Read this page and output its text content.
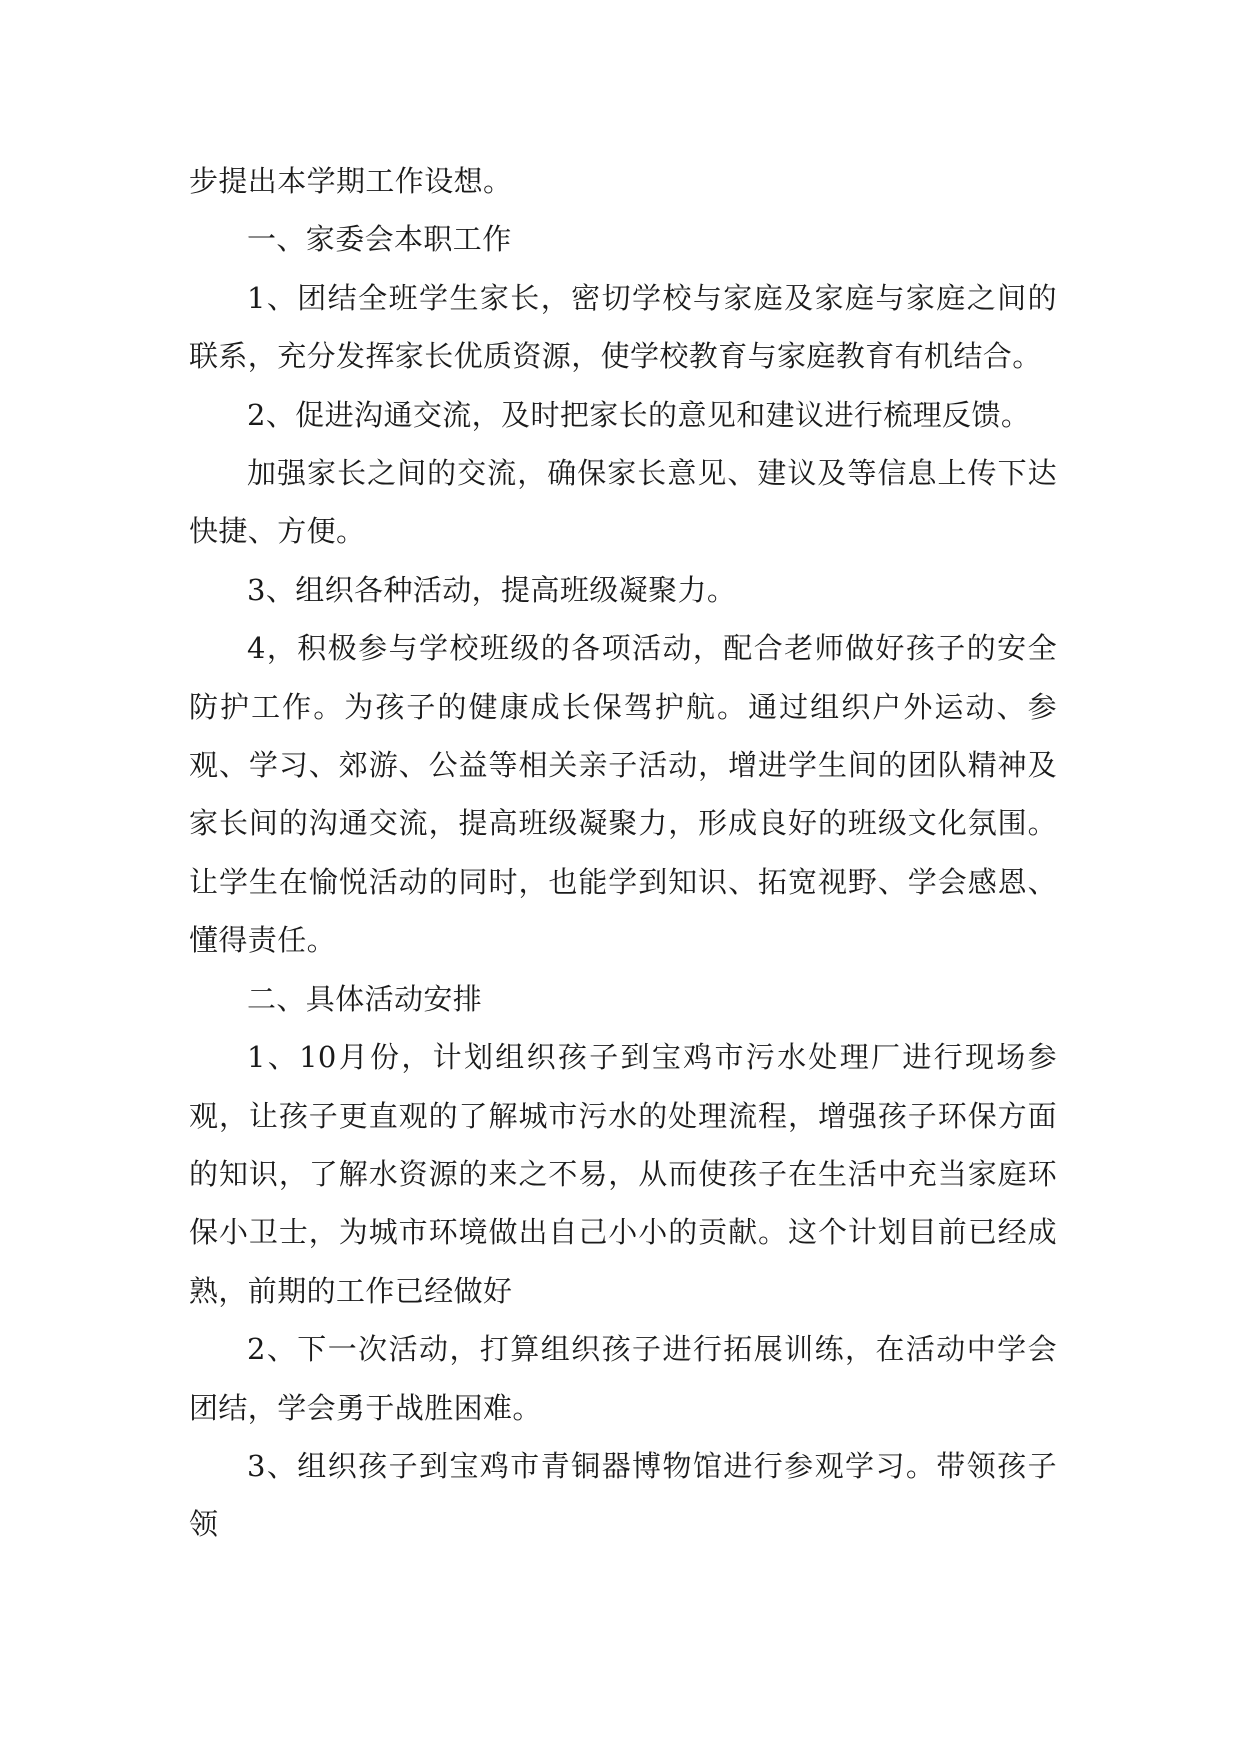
步提出本学期工作设想。

一、家委会本职工作

1、团结全班学生家长，密切学校与家庭及家庭与家庭之间的联系，充分发挥家长优质资源，使学校教育与家庭教育有机结合。

2、促进沟通交流，及时把家长的意见和建议进行梳理反馈。

加强家长之间的交流，确保家长意见、建议及等信息上传下达快捷、方便。

3、组织各种活动，提高班级凝聚力。

4，积极参与学校班级的各项活动，配合老师做好孩子的安全防护工作。为孩子的健康成长保驾护航。通过组织户外运动、参观、学习、郊游、公益等相关亲子活动，增进学生间的团队精神及家长间的沟通交流，提高班级凝聚力，形成良好的班级文化氛围。让学生在愉悦活动的同时，也能学到知识、拓宽视野、学会感恩、懂得责任。

二、具体活动安排

1、10月份，计划组织孩子到宝鸡市污水处理厂进行现场参观，让孩子更直观的了解城市污水的处理流程，增强孩子环保方面的知识，了解水资源的来之不易，从而使孩子在生活中充当家庭环保小卫士，为城市环境做出自己小小的贡献。这个计划目前已经成熟，前期的工作已经做好

2、下一次活动，打算组织孩子进行拓展训练，在活动中学会团结，学会勇于战胜困难。

3、组织孩子到宝鸡市青铜器博物馆进行参观学习。带领孩子领
